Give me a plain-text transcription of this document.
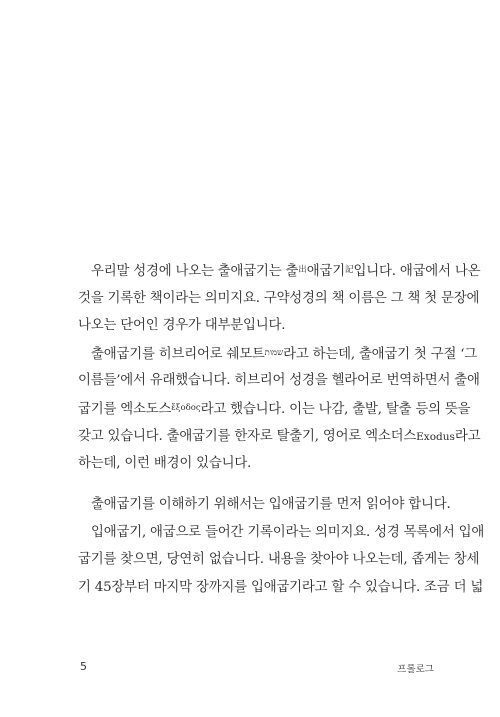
우리말 성경에 나오는 출애굽기는 출$^出$애굽기$^記$입니다. 애굽에서 나온
것을 기록한 책이라는 의미지요. 구약성경의 책 이름은 그 책 첫 문장에
나오는 단어인 경우가 대부분입니다.
출애굽기를 히브리어로 쉐모트$^{שמות}$라고 하는데, 출애굽기 첫 구절 ‘그
이름들’에서 유래했습니다. 히브리어 성경을 헬라어로 번역하면서 출애
굽기를 엑소도스$^{ἔ\xi o\delta o\varsigma}$라고 했습니다. 이는 나감, 출발, 탈출 등의 뜻을
갖고 있습니다. 출애굽기를 한자로 탈출기, 영어로 엑소더스Exodus라고
하는데, 이런 배경이 있습니다.
출애굽기를 이해하기 위해서는 입애굽기를 먼저 읽어야 합니다.
입애굽기, 애굽으로 들어간 기록이라는 의미지요. 성경 목록에서 입애
굽기를 찾으면, 당연히 없습니다. 내용을 찾아야 나오는데, 좁게는 창세
기 45장부터 마지막 장까지를 입애굽기라고 할 수 있습니다. 조금 더 넓
5	프롤로그
